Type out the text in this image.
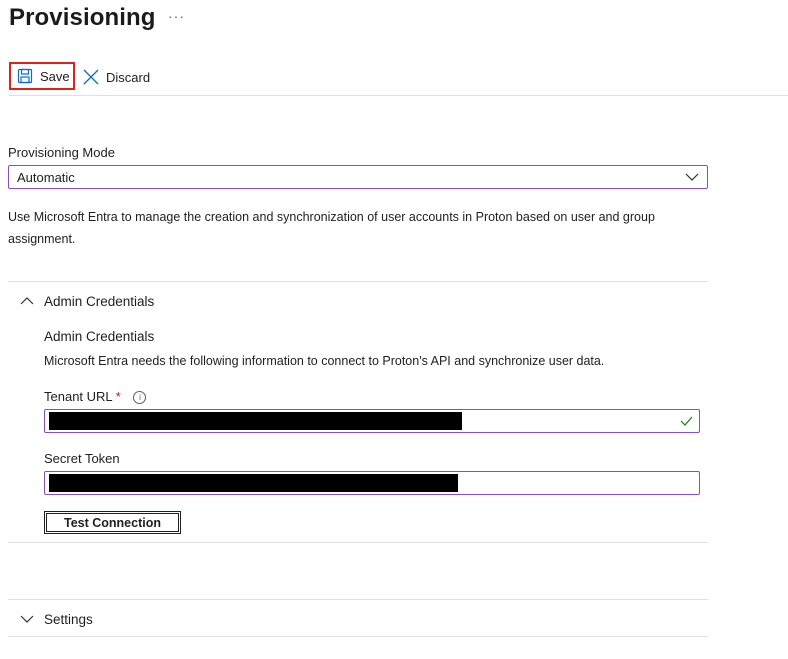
Provisioning ···
Save	Discard
Provisioning Mode
Automatic
Use Microsoft Entra to manage the creation and synchronization of user accounts in Proton based on user and group assignment.
Admin Credentials
Admin Credentials
Microsoft Entra needs the following information to connect to Proton's API and synchronize user data.
Tenant URL * i
Secret Token
Test Connection
Settings
